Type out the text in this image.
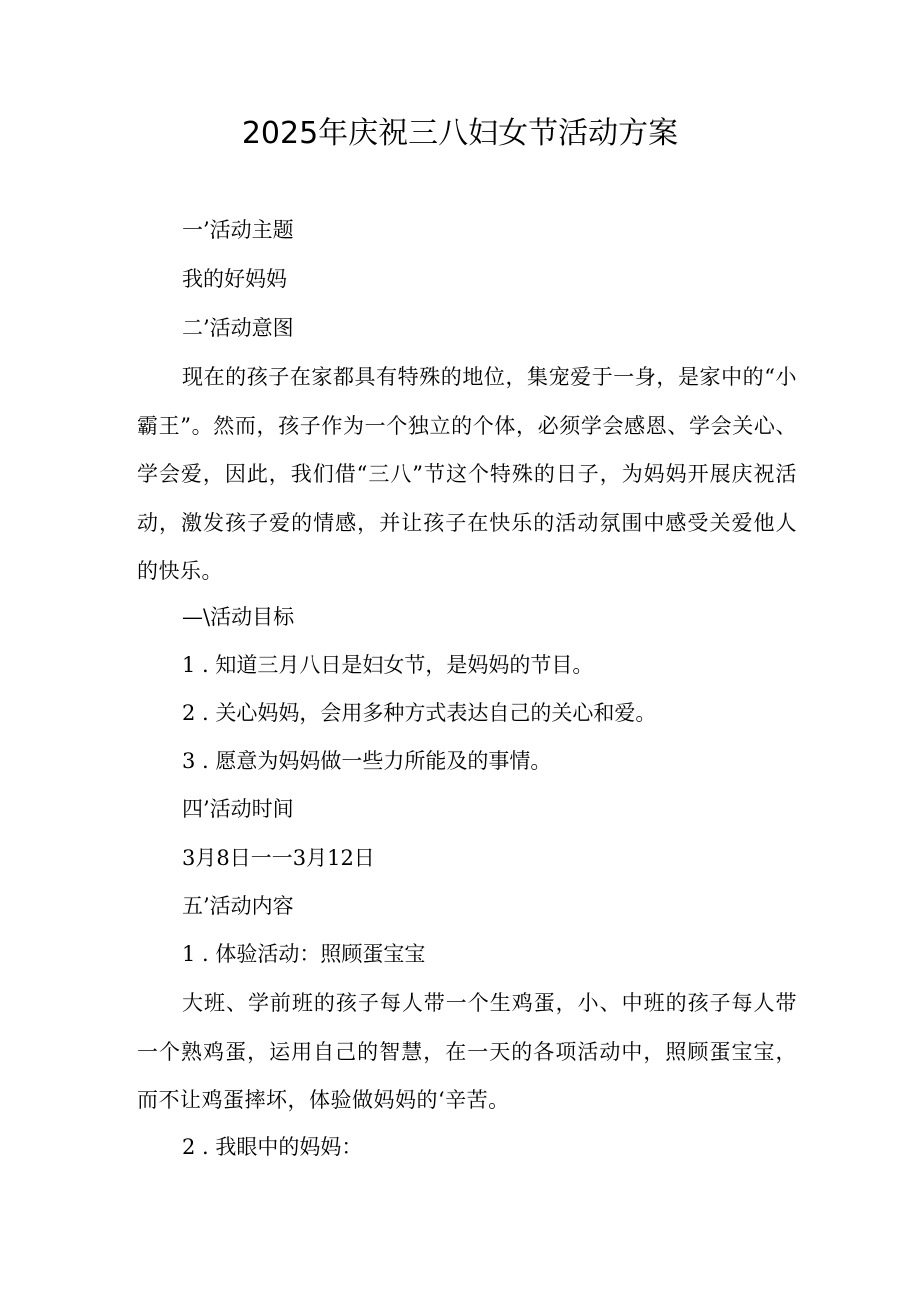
2025年庆祝三八妇女节活动方案
一’活动主题
我的好妈妈
二’活动意图
现在的孩子在家都具有特殊的地位，集宠爱于一身，是家中的“小霸王”。然而，孩子作为一个独立的个体，必须学会感恩、学会关心、学会爱，因此，我们借“三八”节这个特殊的日子，为妈妈开展庆祝活动，激发孩子爱的情感，并让孩子在快乐的活动氛围中感受关爱他人的快乐。
—\活动目标
1 . 知道三月八日是妇女节，是妈妈的节目。
2 . 关心妈妈，会用多种方式表达自己的关心和爱。
3 . 愿意为妈妈做一些力所能及的事情。
四’活动时间
3月8日一一3月12日
五’活动内容
1 . 体验活动：照顾蛋宝宝
大班、学前班的孩子每人带一个生鸡蛋，小、中班的孩子每人带一个熟鸡蛋，运用自己的智慧，在一天的各项活动中，照顾蛋宝宝，而不让鸡蛋摔坏，体验做妈妈的‘辛苦。
2 . 我眼中的妈妈：
